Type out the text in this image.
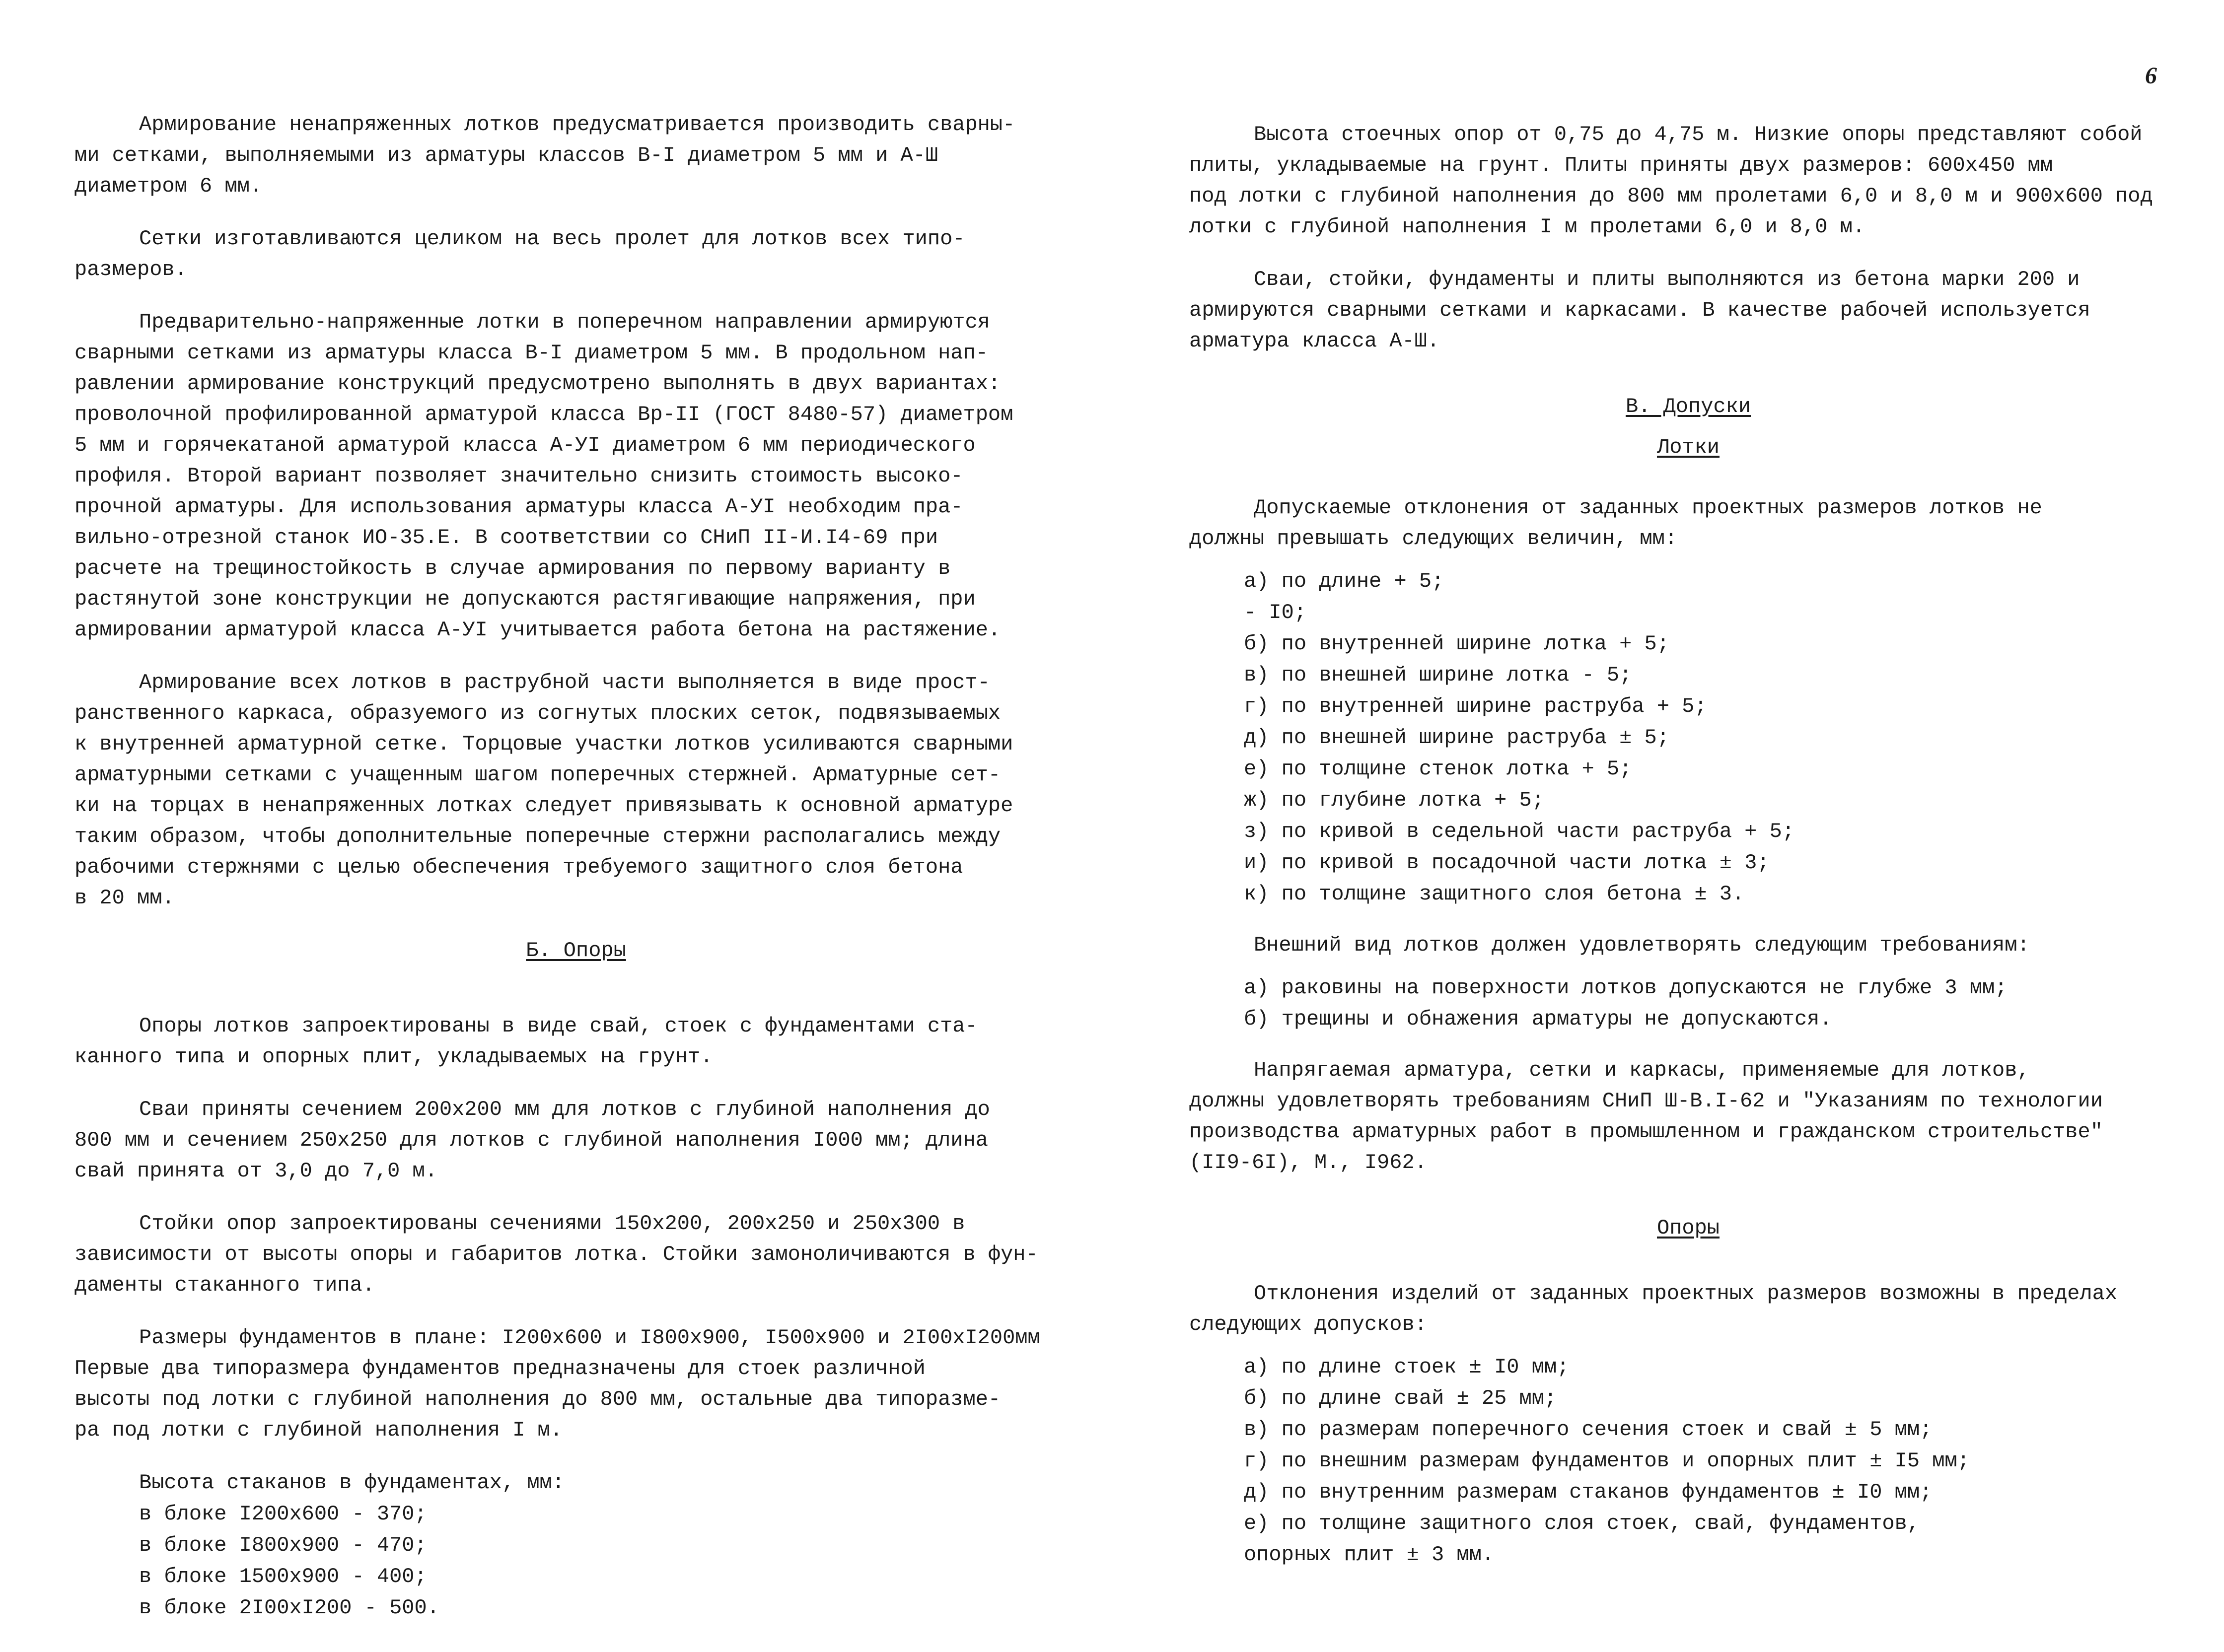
6

Армирование ненапряженных лотков предусматривается производить сварны-
ми сетками, выполняемыми из арматуры классов В-I диаметром 5 мм и А-Ш
диаметром 6 мм.

Сетки изготавливаются целиком на весь пролет для лотков всех типо-
размеров.

Предварительно-напряженные лотки в поперечном направлении армируются
сварными сетками из арматуры класса В-I диаметром 5 мм. В продольном нап-
равлении армирование конструкций предусмотрено выполнять в двух вариантах:
проволочной профилированной арматурой класса Вр-II (ГОСТ 8480-57) диаметром
5 мм и горячекатаной арматурой класса А-УI диаметром 6 мм периодического
профиля. Второй вариант позволяет значительно снизить стоимость высоко-
прочной арматуры. Для использования арматуры класса А-УI необходим пра-
вильно-отрезной станок ИО-35.Е. В соответствии со СНиП II-И.I4-69 при
расчете на трещиностойкость в случае армирования по первому варианту в
растянутой зоне конструкции не допускаются растягивающие напряжения, при
армировании арматурой класса А-УI учитывается работа бетона на растяжение.

Армирование всех лотков в раструбной части выполняется в виде прост-
ранственного каркаса, образуемого из согнутых плоских сеток, подвязываемых
к внутренней арматурной сетке. Торцовые участки лотков усиливаются сварными
арматурными сетками с учащенным шагом поперечных стержней. Арматурные сет-
ки на торцах в ненапряженных лотках следует привязывать к основной арматуре
таким образом, чтобы дополнительные поперечные стержни располагались между
рабочими стержнями с целью обеспечения требуемого защитного слоя бетона
в 20 мм.

Б. Опоры

Опоры лотков запроектированы в виде свай, стоек с фундаментами ста-
канного типа и опорных плит, укладываемых на грунт.

Сваи приняты сечением 200х200 мм для лотков с глубиной наполнения до
800 мм и сечением 250х250 для лотков с глубиной наполнения I000 мм; длина
свай принята от 3,0 до 7,0 м.

Стойки опор запроектированы сечениями 150х200, 200х250 и 250х300 в
зависимости от высоты опоры и габаритов лотка. Стойки замоноличиваются в фун-
даменты стаканного типа.

Размеры фундаментов в плане: I200х600 и I800х900, I500х900 и 2I00хI200мм
Первые два типоразмера фундаментов предназначены для стоек различной
высоты под лотки с глубиной наполнения до 800 мм, остальные два типоразме-
ра под лотки с глубиной наполнения I м.

Высота стаканов в фундаментах, мм:
в блоке I200х600 - 370;
в блоке I800х900 - 470;
в блоке 1500х900 - 400;
в блоке 2I00хI200 - 500.

Высота стоечных опор от 0,75 до 4,75 м. Низкие опоры представляют собой
плиты, укладываемые на грунт. Плиты приняты двух размеров: 600х450 мм
под лотки с глубиной наполнения до 800 мм пролетами 6,0 и 8,0 м и 900х600 под
лотки с глубиной наполнения I м пролетами 6,0 и 8,0 м.

Сваи, стойки, фундаменты и плиты выполняются из бетона марки 200 и
армируются сварными сетками и каркасами. В качестве рабочей используется
арматура класса А-Ш.

В. Допуски
Лотки

Допускаемые отклонения от заданных проектных размеров лотков не
должны превышать следующих величин, мм:

а) по длине + 5;
- I0;
б) по внутренней ширине лотка + 5;
в) по внешней ширине лотка - 5;
г) по внутренней ширине раструба + 5;
д) по внешней ширине раструба ± 5;
е) по толщине стенок лотка + 5;
ж) по глубине лотка + 5;
з) по кривой в седельной части раструба + 5;
и) по кривой в посадочной части лотка ± 3;
к) по толщине защитного слоя бетона ± 3.

Внешний вид лотков должен удовлетворять следующим требованиям:

а) раковины на поверхности лотков допускаются не глубже 3 мм;
б) трещины и обнажения арматуры не допускаются.

Напрягаемая арматура, сетки и каркасы, применяемые для лотков,
должны удовлетворять требованиям СНиП Ш-В.I-62 и "Указаниям по технологии
производства арматурных работ в промышленном и гражданском строительстве"
(II9-6I), М., I962.

Опоры

Отклонения изделий от заданных проектных размеров возможны в пределах
следующих допусков:

а) по длине стоек ± I0 мм;
б) по длине свай ± 25 мм;
в) по размерам поперечного сечения стоек и свай ± 5 мм;
г) по внешним размерам фундаментов и опорных плит ± I5 мм;
д) по внутренним размерам стаканов фундаментов ± I0 мм;
е) по толщине защитного слоя стоек, свай, фундаментов,
опорных плит ± 3 мм.
